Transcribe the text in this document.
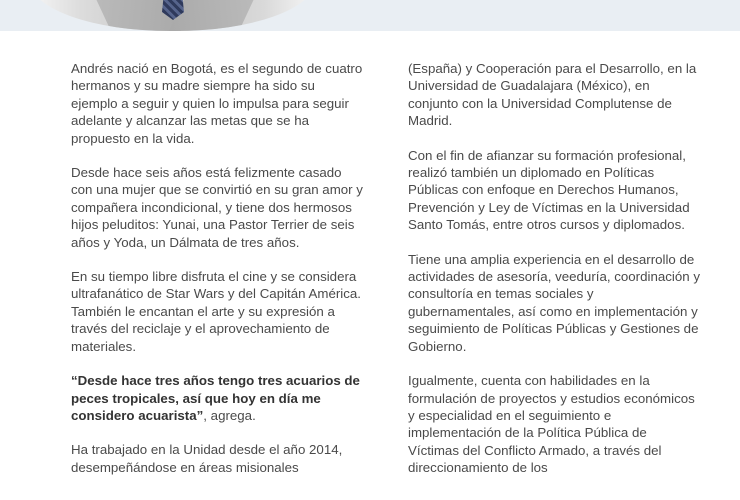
Andrés nació en Bogotá, es el segundo de cuatro hermanos y su madre siempre ha sido su ejemplo a seguir y quien lo impulsa para seguir adelante y alcanzar las metas que se ha propuesto en la vida.

Desde hace seis años está felizmente casado con una mujer que se convirtió en su gran amor y compañera incondicional, y tiene dos hermosos hijos peluditos: Yunai, una Pastor Terrier de seis años y Yoda, un Dálmata de tres años.

En su tiempo libre disfruta el cine y se considera ultrafanático de Star Wars y del Capitán América. También le encantan el arte y su expresión a través del reciclaje y el aprovechamiento de materiales.

“Desde hace tres años tengo tres acuarios de peces tropicales, así que hoy en día me considero acuarista”, agrega.

Ha trabajado en la Unidad desde el año 2014, desempeñándose en áreas misionales

(España) y Cooperación para el Desarrollo, en la Universidad de Guadalajara (México), en conjunto con la Universidad Complutense de Madrid.

Con el fin de afianzar su formación profesional, realizó también un diplomado en Políticas Públicas con enfoque en Derechos Humanos, Prevención y Ley de Víctimas en la Universidad Santo Tomás, entre otros cursos y diplomados.

Tiene una amplia experiencia en el desarrollo de actividades de asesoría, veeduría, coordinación y consultoría en temas sociales y gubernamentales, así como en implementación y seguimiento de Políticas Públicas y Gestiones de Gobierno.

Igualmente, cuenta con habilidades en la formulación de proyectos y estudios económicos y especialidad en el seguimiento e implementación de la Política Pública de Víctimas del Conflicto Armado, a través del direccionamiento de los
